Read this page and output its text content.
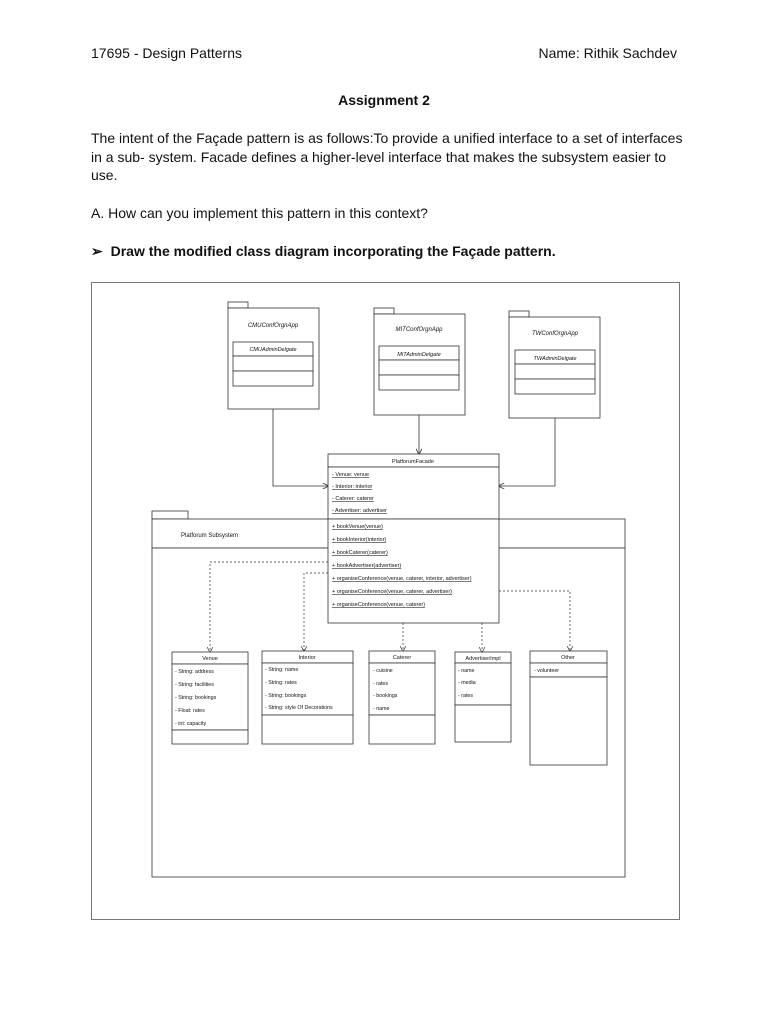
17695 - Design Patterns	Name: Rithik Sachdev
Assignment 2
The intent of the Façade pattern is as follows:To provide a unified interface to a set of interfaces in a sub- system. Facade defines a higher-level interface that makes the subsystem easier to use.
A. How can you implement this pattern in this context?
➢ Draw the modified class diagram incorporating the Façade pattern.
Platforum Subsystem
CMUConfOrgnApp
CMUAdminDelgate
MITConfOrgnApp
MITAdminDelgate
TWConfOrgnApp
TWAdminDelgate
PlatforumFacade
- Venue: venue
- Interior: interior
- Caterer: caterer
- Advertiser: advertiser
+ bookVenue(venue)
+ bookInterior(interior)
+ bookCaterer(caterer)
+ bookAdvertiser(advertiser)
+ organiseConference(venue, caterer, interior, advertiser)
+ organiseConference(venue, caterer, advertiser)
+ organiseConference(venue, caterer)
Venue
- String: address
- String: facilities
- String: bookings
- Float: rates
- int: capacity
Interior
- String: name
- String: rates
- String: bookings
- String: style Of Decorations
Caterer
- cuisine
- rates
- bookings
- name
AdvertiserImpl
- name
- media
- rates
Other
- volunteer
